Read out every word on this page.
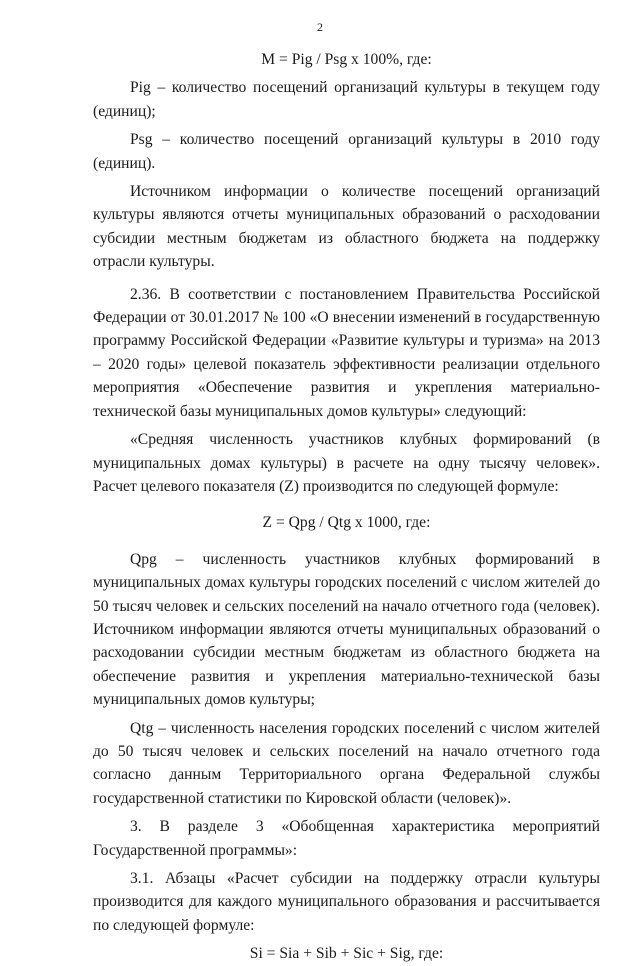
2

M = Pig / Psg x 100%, где:

Pig – количество посещений организаций культуры в текущем году (единиц);

Psg – количество посещений организаций культуры в 2010 году (единиц).

Источником информации о количестве посещений организаций культуры являются отчеты муниципальных образований о расходовании субсидии местным бюджетам из областного бюджета на поддержку отрасли культуры.

2.36. В соответствии с постановлением Правительства Российской Федерации от 30.01.2017 № 100 «О внесении изменений в государственную программу Российской Федерации «Развитие культуры и туризма» на 2013 – 2020 годы» целевой показатель эффективности реализации отдельного мероприятия «Обеспечение развития и укрепления материально-технической базы муниципальных домов культуры» следующий:

«Средняя численность участников клубных формирований (в муниципальных домах культуры) в расчете на одну тысячу человек». Расчет целевого показателя (Z) производится по следующей формуле:

Z = Qpg / Qtg x 1000, где:

Qpg – численность участников клубных формирований в муниципальных домах культуры городских поселений с числом жителей до 50 тысяч человек и сельских поселений на начало отчетного года (человек). Источником информации являются отчеты муниципальных образований о расходовании субсидии местным бюджетам из областного бюджета на обеспечение развития и укрепления материально-технической базы муниципальных домов культуры;

Qtg – численность населения городских поселений с числом жителей до 50 тысяч человек и сельских поселений на начало отчетного года согласно данным Территориального органа Федеральной службы государственной статистики по Кировской области (человек)».

3. В разделе 3 «Обобщенная характеристика мероприятий Государственной программы»:

3.1. Абзацы «Расчет субсидии на поддержку отрасли культуры производится для каждого муниципального образования и рассчитывается по следующей формуле:

Si = Sia + Sib + Sic + Sig, где:
